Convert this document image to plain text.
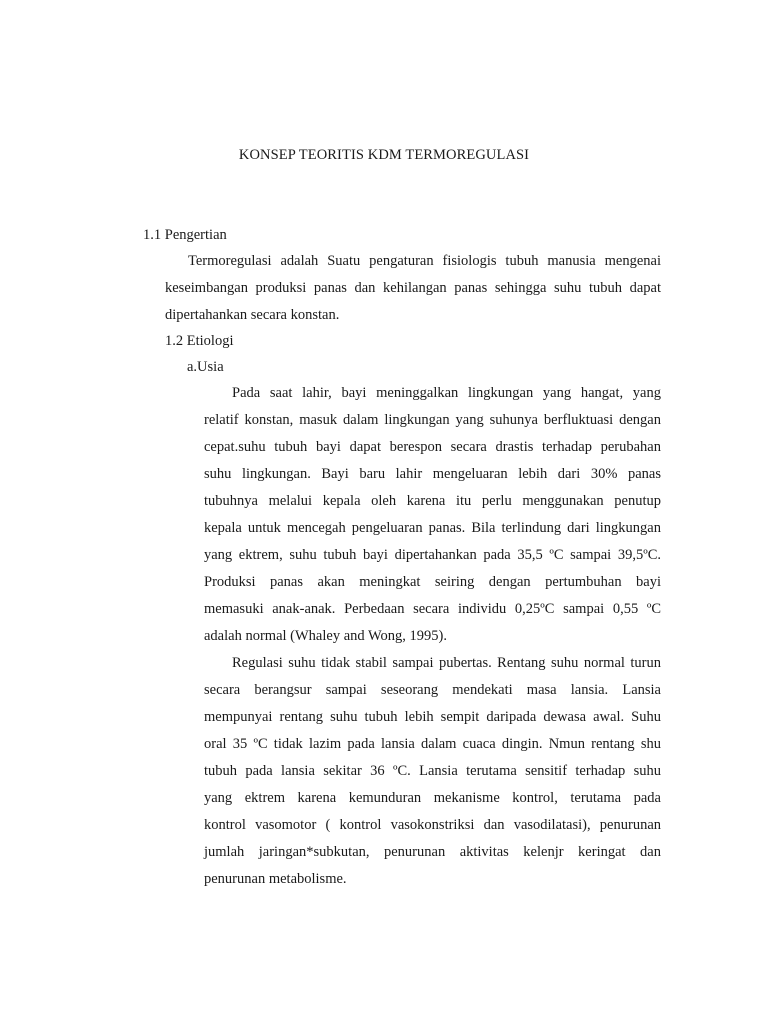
KONSEP TEORITIS KDM TERMOREGULASI
1.1 Pengertian
Termoregulasi adalah Suatu pengaturan fisiologis tubuh manusia mengenai
keseimbangan produksi panas dan kehilangan panas sehingga suhu tubuh dapat
dipertahankan secara konstan.
1.2 Etiologi
a.Usia
Pada saat lahir, bayi meninggalkan lingkungan yang hangat, yang
relatif konstan, masuk dalam lingkungan yang suhunya berfluktuasi dengan
cepat.suhu tubuh bayi dapat berespon secara drastis terhadap perubahan
suhu lingkungan. Bayi baru lahir mengeluaran lebih dari 30% panas
tubuhnya melalui kepala oleh karena itu perlu menggunakan penutup
kepala untuk mencegah pengeluaran panas. Bila terlindung dari lingkungan
yang ektrem, suhu tubuh bayi dipertahankan pada 35,5 ºC sampai 39,5ºC.
Produksi panas akan meningkat seiring dengan pertumbuhan bayi
memasuki anak-anak. Perbedaan secara individu 0,25ºC sampai 0,55 ºC
adalah normal (Whaley and Wong, 1995).
Regulasi suhu tidak stabil sampai pubertas. Rentang suhu normal turun
secara berangsur sampai seseorang mendekati masa lansia. Lansia
mempunyai rentang suhu tubuh lebih sempit daripada dewasa awal. Suhu
oral 35 ºC tidak lazim pada lansia dalam cuaca dingin. Nmun rentang shu
tubuh pada lansia sekitar 36 ºC. Lansia terutama sensitif terhadap suhu
yang ektrem karena kemunduran mekanisme kontrol, terutama pada
kontrol vasomotor ( kontrol vasokonstriksi dan vasodilatasi), penurunan
jumlah jaringan*subkutan, penurunan aktivitas kelenjr keringat dan
penurunan metabolisme.
